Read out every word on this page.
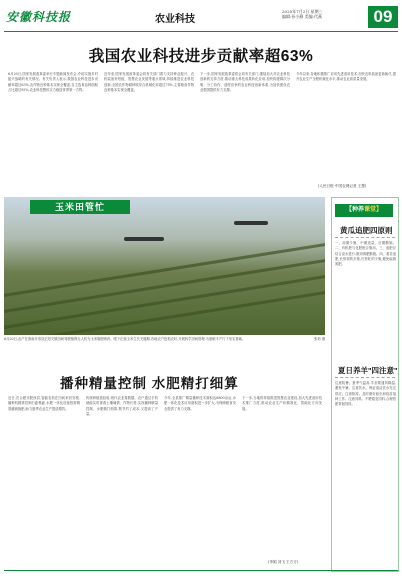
安徽科技报	农业科技
2025年7月2日 星期三
编辑:孙小静 美编:代燕	09
我国农业科技进步贡献率超63%
6月20日,国家发展改革委举行专题新闻发布会,介绍实施乡村振兴战略的有关情况。有关负责人表示,我国农业科技进步贡献率超过63%,农作物良种基本实现全覆盖,自主选育品种面积占比超过95%,农业科技整体实力稳居世界第一方阵。
近年来,国家发展改革委会同有关部门着力支持种业振兴、农机装备补短板、智慧农业发展等重点领域,持续推进农业科技创新,全国农作物耕种收综合机械化率超过75%,主要粮食作物良种基本实现全覆盖。
下一步,国家发展改革委将会同有关部门,继续加大对农业科技创新的支持力度,推动重大科技成果转化应用,加快构建梯次分明、分工协作、适度竞争的农业科技创新体系,为加快建设农业强国提供有力支撑。
今年以来,各地积极推广应用先进适用技术,加快农机装备更新换代,提升农业生产全程机械化水平,推动农业高质量发展。
(人民日报·中国农网记者 王慧)
玉米田管忙
6月20日,农户在淮南市寿县正阳关镇田间驾驶植保无人机为玉米施肥喷药。眼下正值玉米生长关键期,各地农户抢抓农时,开展科学田间管理,为夏粮丰产打下坚实基础。	张莉 摄
播种精量控制 水肥精打细算
近日,在合肥市肥西县,智能农机在田间来回穿梭,播种机精准控制行距株距,水肥一体化设备按需精准灌溉施肥,助力夏季农业生产提质增效。
传统种植靠经验,现代农业靠数据。农户通过手机就能实时查看土壤墒情、作物长势,实现播种精量控制、水肥精打细算,既节约了成本,又提高了产量。
今年,全县推广精量播种技术面积达6800余亩,水肥一体化技术应用面积进一步扩大,为保障粮食安全提供了有力支撑。
下一步,当地将持续推进智慧农业建设,加大先进适用技术推广力度,推动农业生产向精准化、智能化方向发展。
(李娟 刘飞 王方方)
【种养课堂】
黄瓜追肥四原则
一、前期少施、中期适量、后期勤施。二、有机肥与化肥配合施用。三、追肥应结合浇水进行,做到薄肥勤施。四、看苗追肥,长势弱的多施,长势旺的少施,避免偏施氮肥。
夏日养羊"四注意"
注意防暑。夏季气温高,羊舍要通风降温,避免中暑。注意饮水。保证清洁饮水充足供应。注意防疫。及时做好驱虫和疫苗接种工作。注意饲料。不喂霉变饲料,合理搭配青粗饲料。
